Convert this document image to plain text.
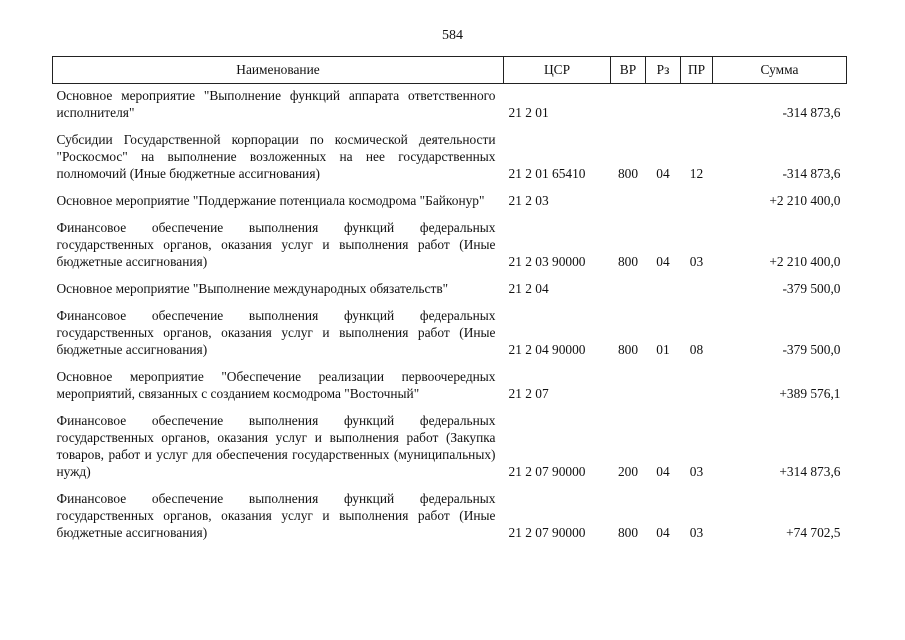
584
Наименование	ЦСР	ВР	Рз	ПР	Сумма
Основное мероприятие "Выполнение функций аппарата ответственного исполнителя"	21 2 01				-314 873,6
Субсидии Государственной корпорации по космической деятельности "Роскосмос" на выполнение возложенных на нее государственных полномочий (Иные бюджетные ассигнования)	21 2 01 65410	800	04	12	-314 873,6
Основное мероприятие "Поддержание потенциала космодрома "Байконур"	21 2 03				+2 210 400,0
Финансовое обеспечение выполнения функций федеральных государственных органов, оказания услуг и выполнения работ (Иные бюджетные ассигнования)	21 2 03 90000	800	04	03	+2 210 400,0
Основное мероприятие "Выполнение международных обязательств"	21 2 04				-379 500,0
Финансовое обеспечение выполнения функций федеральных государственных органов, оказания услуг и выполнения работ (Иные бюджетные ассигнования)	21 2 04 90000	800	01	08	-379 500,0
Основное мероприятие "Обеспечение реализации первоочередных мероприятий, связанных с созданием космодрома "Восточный"	21 2 07				+389 576,1
Финансовое обеспечение выполнения функций федеральных государственных органов, оказания услуг и выполнения работ (Закупка товаров, работ и услуг для обеспечения государственных (муниципальных) нужд)	21 2 07 90000	200	04	03	+314 873,6
Финансовое обеспечение выполнения функций федеральных государственных органов, оказания услуг и выполнения работ (Иные бюджетные ассигнования)	21 2 07 90000	800	04	03	+74 702,5
